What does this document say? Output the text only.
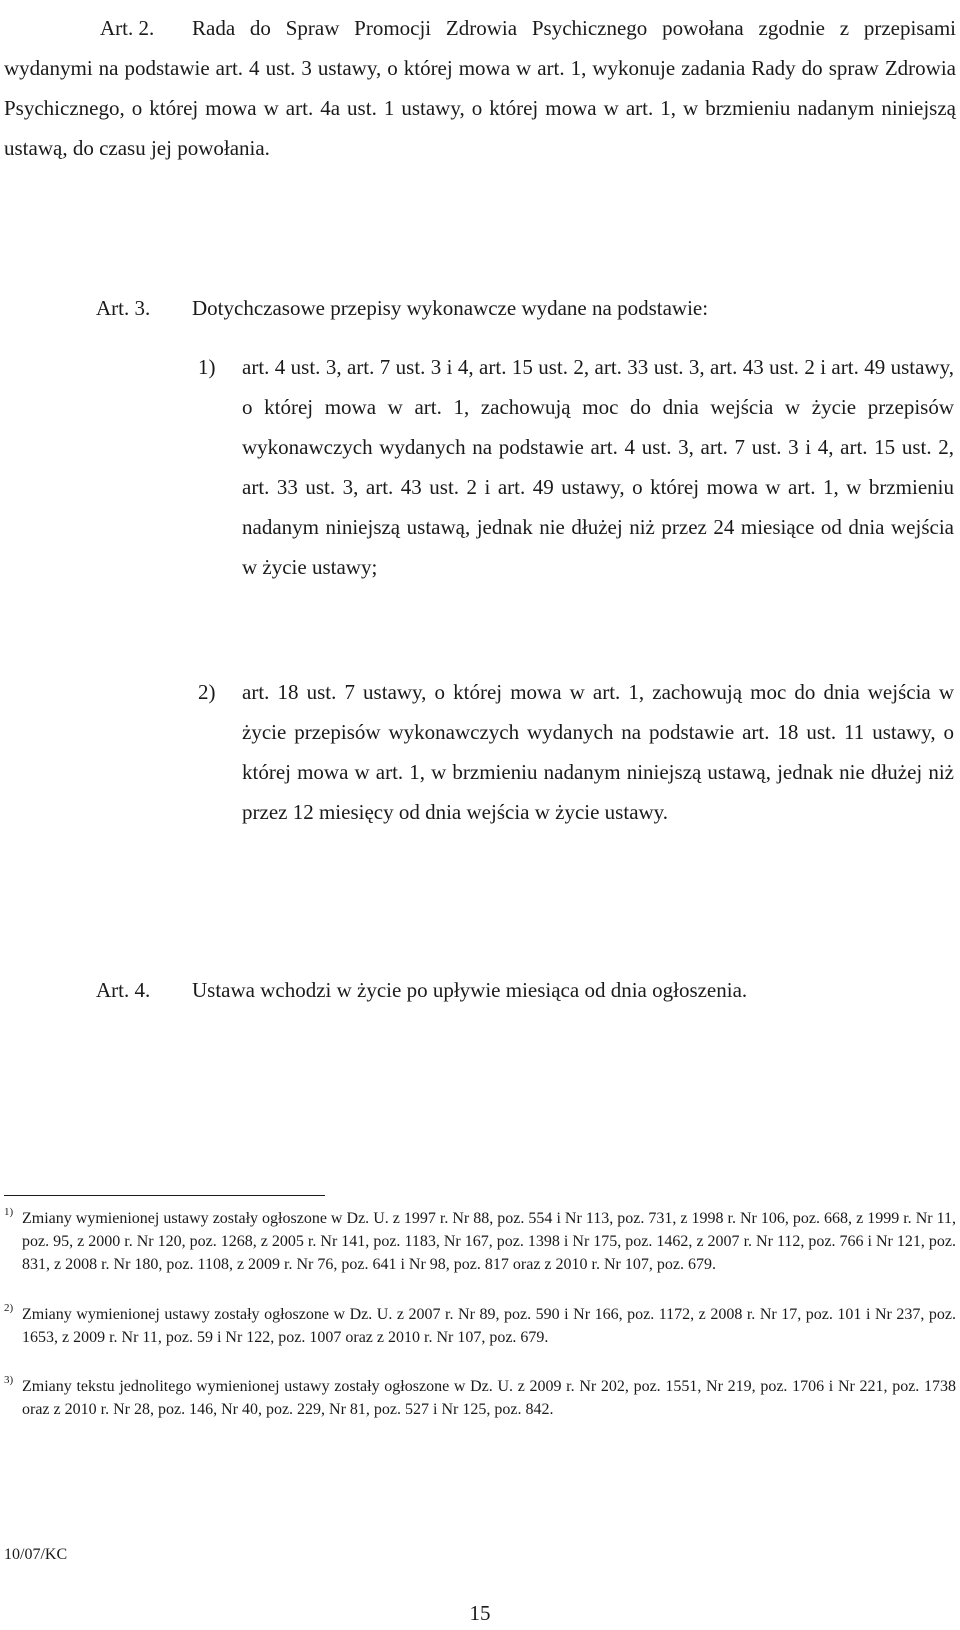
Art. 2. Rada do Spraw Promocji Zdrowia Psychicznego powołana zgodnie z przepisami wydanymi na podstawie art. 4 ust. 3 ustawy, o której mowa w art. 1, wykonuje zadania Rady do spraw Zdrowia Psychicznego, o której mowa w art. 4a ust. 1 ustawy, o której mowa w art. 1, w brzmieniu nadanym niniejszą ustawą, do czasu jej powołania.
Art. 3. Dotychczasowe przepisy wykonawcze wydane na podstawie:
1) art. 4 ust. 3, art. 7 ust. 3 i 4, art. 15 ust. 2, art. 33 ust. 3, art. 43 ust. 2 i art. 49 ustawy, o której mowa w art. 1, zachowują moc do dnia wejścia w życie przepisów wykonawczych wydanych na podstawie art. 4 ust. 3, art. 7 ust. 3 i 4, art. 15 ust. 2, art. 33 ust. 3, art. 43 ust. 2 i art. 49 ustawy, o której mowa w art. 1, w brzmieniu nadanym niniejszą ustawą, jednak nie dłużej niż przez 24 miesiące od dnia wejścia w życie ustawy;
2) art. 18 ust. 7 ustawy, o której mowa w art. 1, zachowują moc do dnia wejścia w życie przepisów wykonawczych wydanych na podstawie art. 18 ust. 11 ustawy, o której mowa w art. 1, w brzmieniu nadanym niniejszą ustawą, jednak nie dłużej niż przez 12 miesięcy od dnia wejścia w życie ustawy.
Art. 4. Ustawa wchodzi w życie po upływie miesiąca od dnia ogłoszenia.
1) Zmiany wymienionej ustawy zostały ogłoszone w Dz. U. z 1997 r. Nr 88, poz. 554 i Nr 113, poz. 731, z 1998 r. Nr 106, poz. 668, z 1999 r. Nr 11, poz. 95, z 2000 r. Nr 120, poz. 1268, z 2005 r. Nr 141, poz. 1183, Nr 167, poz. 1398 i Nr 175, poz. 1462, z 2007 r. Nr 112, poz. 766 i Nr 121, poz. 831, z 2008 r. Nr 180, poz. 1108, z 2009 r. Nr 76, poz. 641 i Nr 98, poz. 817 oraz z 2010 r. Nr 107, poz. 679.
2) Zmiany wymienionej ustawy zostały ogłoszone w Dz. U. z 2007 r. Nr 89, poz. 590 i Nr 166, poz. 1172, z 2008 r. Nr 17, poz. 101 i Nr 237, poz. 1653, z 2009 r. Nr 11, poz. 59 i Nr 122, poz. 1007 oraz z 2010 r. Nr 107, poz. 679.
3) Zmiany tekstu jednolitego wymienionej ustawy zostały ogłoszone w Dz. U. z 2009 r. Nr 202, poz. 1551, Nr 219, poz. 1706 i Nr 221, poz. 1738 oraz z 2010 r. Nr 28, poz. 146, Nr 40, poz. 229, Nr 81, poz. 527 i Nr 125, poz. 842.
10/07/KC
15
